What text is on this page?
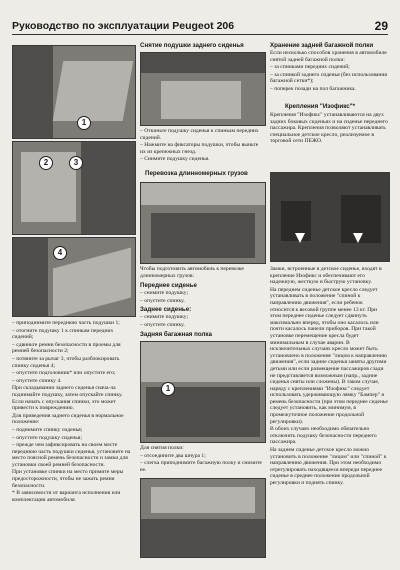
Руководство по эксплуатации Peugeot 206	29
1
2	3
4

– приподнимите переднюю часть подушки 1;

– отогните подушку 1 к спинкам передних сидений;

– сдвиньте ремни безопасности в проемы для ремней безопасности 2;

– потяните за рычаг 3, чтобы разблокировать спинку сиденья 4;

– опустите подголовник* или опустите его;

– опустите спинку 4.

При складывании заднего сиденья снача-ла поднимайте подушку, затем опускайте спинку. Если начать с опускания спинки, это может привести к повреждению.

Для приведения заднего сиденья в нормальное положение:

– поднимите спинку сиденья;

– опустите подушку сиденья;

– прежде чем зафиксировать на своем месте переднюю часть подушки сиденья, установите на место поясной ремень безопасности и замки для установки своей ремней безопасности.

При установке спинки на место примите меры предосторожности, чтобы не зажать ремни безопасности.

* В зависимости от варианта исполнения или комплектации автомобиля.

Снятие подушки заднего сиденья

– Откиньте подушку сиденья к спинкам передних сидений.

– Нажмите на фиксаторы подушки, чтобы выньте их из крепежных гнезд.

– Снимите подушку сиденья.

Перевозка длинномерных грузов

Чтобы подготовить автомобиль к перевозке длинномерных грузов:

Переднее сиденье

– снимите подушку;

– опустите спинку.

Заднее сиденье:

– снимите подушку;

– опустите спинку.

Задняя багажная полка
1

Для снятия полки:

– отсоедините два шнура 1;

– слегка приподнимите багажную полку и снимите ее.

Хранение задней багажной полки

Если несколько способов хранения в автомобиле снятой задней багажной полки:

– за спинками передних сидений;

– за спинкой заднего сиденья (без использования багажной сетки*);

– поперек позади на пол багажника.

Крепления "Изофикс"*

Крепления "Изофикс" устанавливаются на двух задних боковых сиденьях и на сиденье переднего пассажира. Крепления позволяют устанавливать специальное детское кресло, реализуемое в торговой сети ПЕЖО.

Замки, встроенные в детское сиденье, входят в крепление Изофикс и обеспечивают его надежную, жесткую и быструю установку.

На переднем сиденье детское кресло следует устанавливать в положение "спиной к направлению движения", если ребенок относится к весовой группе менее 13 кг. При этом переднее сиденье следует сдвинуть максимально вперед, чтобы оно касалось или почти касалось панели приборов. При такой установке перемещение кресла будет минимальным в случае аварии. В исключительных случаях кресло может быть установлено в положение "лицом к направлению движения", если задние сиденья заняты другими детьми или если размещение пассажиров сзади не представляется возможным (напр., задние сиденья сняты или сложены). В таком случае, наряду с креплениями "Изофикс" следует использовать удерживающую лямку "Бампер" и ремень безопасности (при этом переднее сиденье следует установить, как минимум, в промежуточное положение продольной регулировки).

В обоих случаях необходимо обязательно отключить подушку безопасности переднего пассажира.

На заднем сиденье детское кресло можно установить в положение "лицом" или "спиной" к направлению движения. При этом необходимо отрегулировать находящееся впереди переднее сиденье в среднее положение продольной регулировки и поднять спинку.
